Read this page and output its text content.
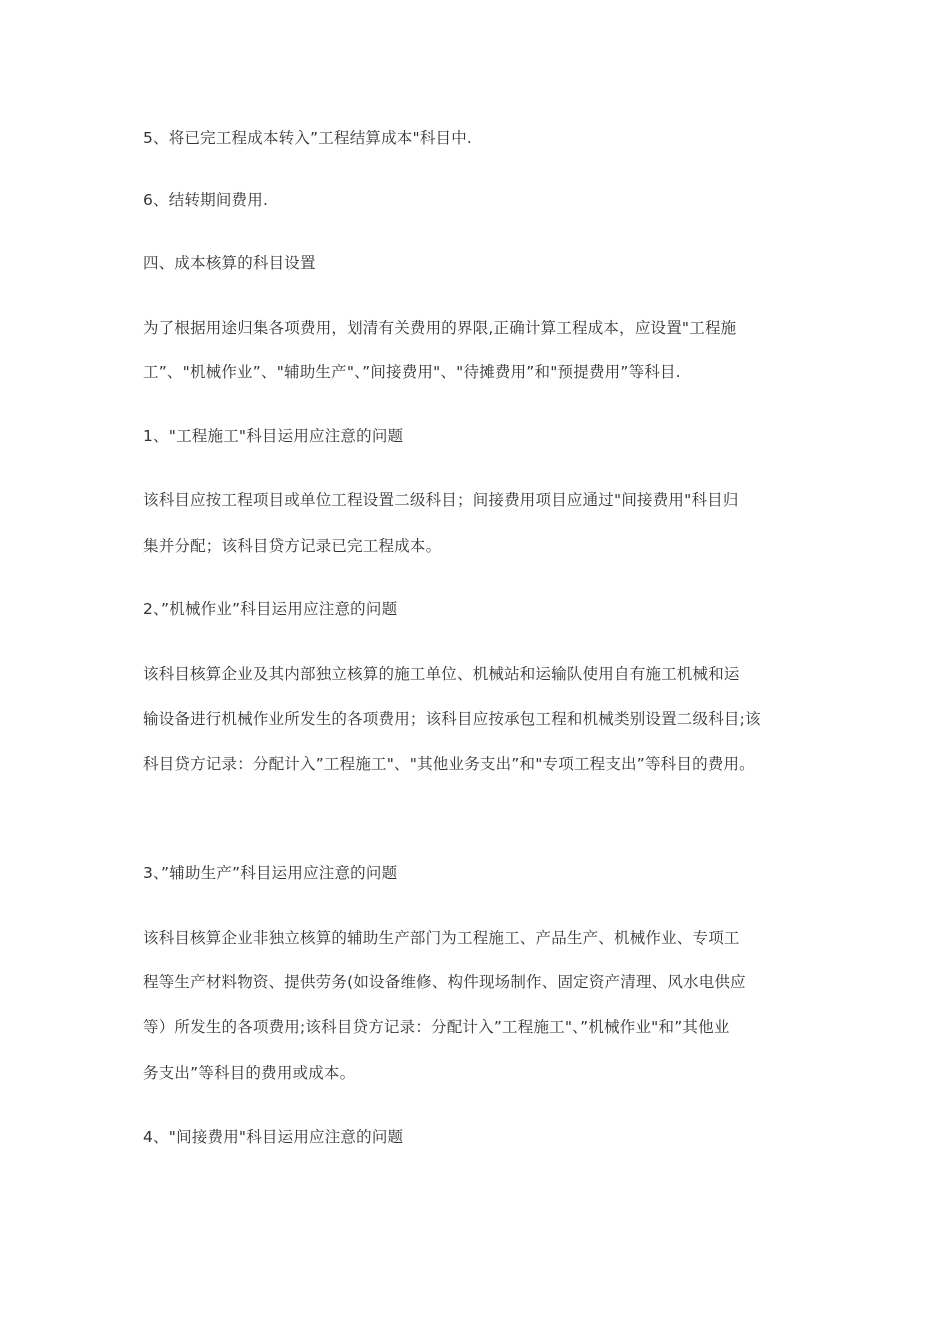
5、将已完工程成本转入”工程结算成本"科目中.
6、结转期间费用.
四、成本核算的科目设置
为了根据用途归集各项费用，划清有关费用的界限,正确计算工程成本，应设置"工程施
工”、"机械作业”、"辅助生产"、”间接费用"、"待摊费用”和"预提费用”等科目.
1、"工程施工"科目运用应注意的问题
该科目应按工程项目或单位工程设置二级科目；间接费用项目应通过"间接费用"科目归
集并分配；该科目贷方记录已完工程成本。
2、”机械作业”科目运用应注意的问题
该科目核算企业及其内部独立核算的施工单位、机械站和运输队使用自有施工机械和运
输设备进行机械作业所发生的各项费用；该科目应按承包工程和机械类别设置二级科目;该
科目贷方记录：分配计入”工程施工"、"其他业务支出”和"专项工程支出”等科目的费用。
3、”辅助生产”科目运用应注意的问题
该科目核算企业非独立核算的辅助生产部门为工程施工、产品生产、机械作业、专项工
程等生产材料物资、提供劳务(如设备维修、构件现场制作、固定资产清理、风水电供应
等）所发生的各项费用;该科目贷方记录：分配计入”工程施工"、”机械作业"和”其他业
务支出”等科目的费用或成本。
4、"间接费用"科目运用应注意的问题
